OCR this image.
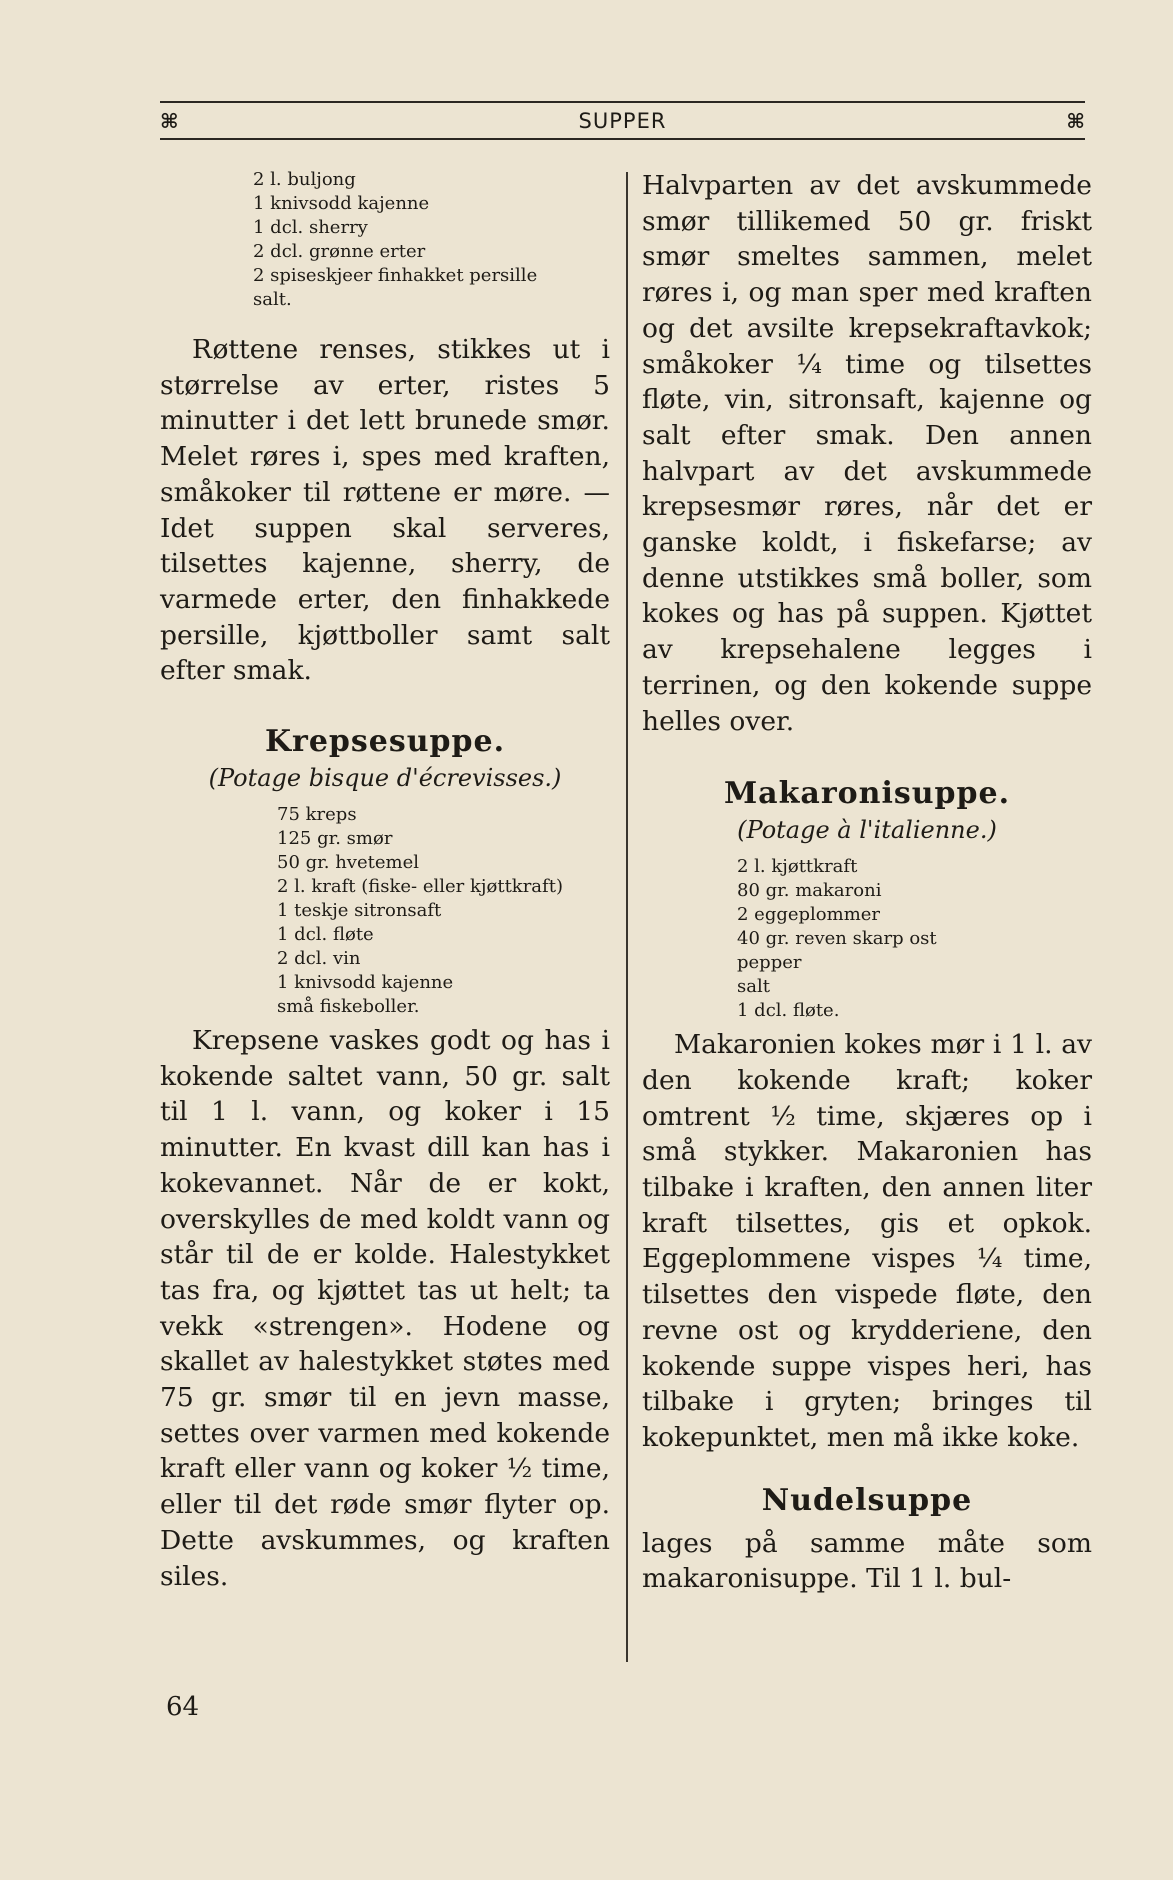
⌘	SUPPER	⌘
2 l. buljong
1 knivsodd kajenne
1 dcl. sherry
2 dcl. grønne erter
2 spiseskjeer finhakket persille
salt.

Røttene renses, stikkes ut i størrelse av erter, ristes 5 minutter i det lett brunede smør. Melet røres i, spes med kraften, småkoker til røttene er møre. — Idet suppen skal serveres, tilsettes kajenne, sherry, de varmede erter, den finhakkede persille, kjøttboller samt salt efter smak.

Krepsesuppe.
(Potage bisque d'écrevisses.)
75 kreps
125 gr. smør
50 gr. hvetemel
2 l. kraft (fiske- eller kjøttkraft)
1 teskje sitronsaft
1 dcl. fløte
2 dcl. vin
1 knivsodd kajenne
små fiskeboller.

Krepsene vaskes godt og has i kokende saltet vann, 50 gr. salt til 1 l. vann, og koker i 15 minutter. En kvast dill kan has i kokevannet. Når de er kokt, overskylles de med koldt vann og står til de er kolde. Halestykket tas fra, og kjøttet tas ut helt; ta vekk «strengen». Hodene og skallet av halestykket støtes med 75 gr. smør til en jevn masse, settes over varmen med kokende kraft eller vann og koker ½ time, eller til det røde smør flyter op. Dette avskummes, og kraften siles.

Halvparten av det avskummede smør tillikemed 50 gr. friskt smør smeltes sammen, melet røres i, og man sper med kraften og det avsilte krepsekraftavkok; småkoker ¼ time og tilsettes fløte, vin, sitronsaft, kajenne og salt efter smak. Den annen halvpart av det avskummede krepsesmør røres, når det er ganske koldt, i fiskefarse; av denne utstikkes små boller, som kokes og has på suppen. Kjøttet av krepsehalene legges i terrinen, og den kokende suppe helles over.

Makaronisuppe.
(Potage à l'italienne.)
2 l. kjøttkraft
80 gr. makaroni
2 eggeplommer
40 gr. reven skarp ost
pepper
salt
1 dcl. fløte.

Makaronien kokes mør i 1 l. av den kokende kraft; koker omtrent ½ time, skjæres op i små stykker. Makaronien has tilbake i kraften, den annen liter kraft tilsettes, gis et opkok. Eggeplommene vispes ¼ time, tilsettes den vispede fløte, den revne ost og krydderiene, den kokende suppe vispes heri, has tilbake i gryten; bringes til kokepunktet, men må ikke koke.

Nudelsuppe

lages på samme måte som makaronisuppe. Til 1 l. bul-

64
